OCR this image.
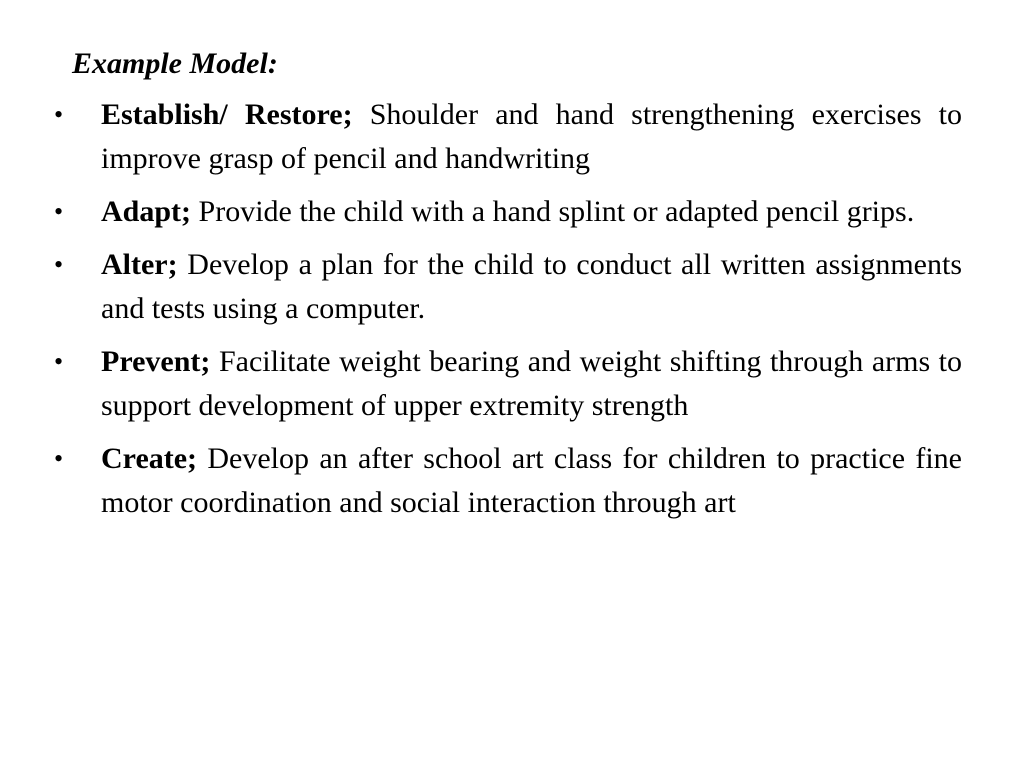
Example Model:

•	Establish/ Restore; Shoulder and hand strengthening exercises to improve grasp of pencil and handwriting
•	Adapt; Provide the child with a hand splint or adapted pencil grips.
•	Alter; Develop a plan for the child to conduct all written assignments and tests using a computer.
•	Prevent; Facilitate weight bearing and weight shifting through arms to support development of upper extremity strength
•	Create; Develop an after school art class for children to practice fine motor coordination and social interaction through art
